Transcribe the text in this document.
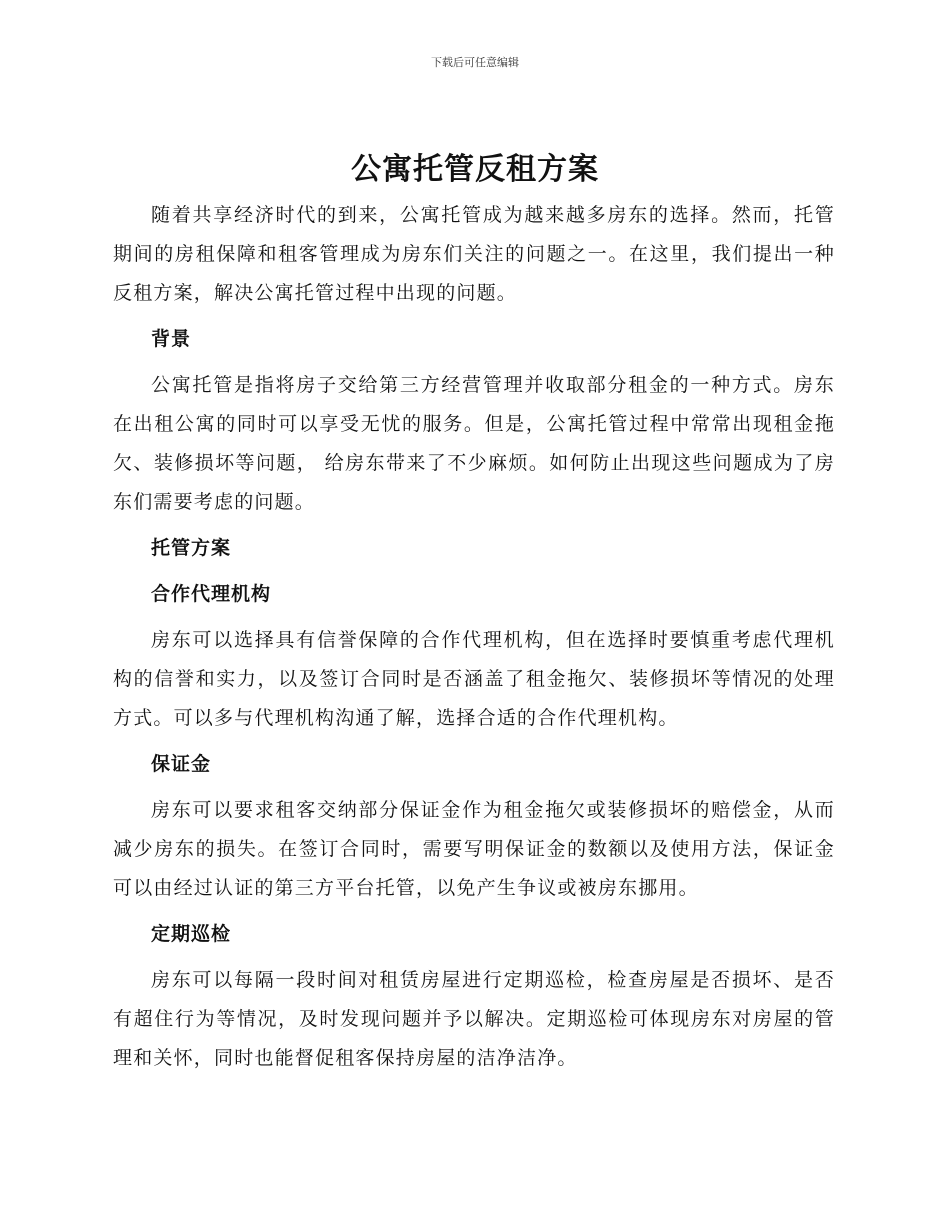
下载后可任意编辑
公寓托管反租方案

随着共享经济时代的到来，公寓托管成为越来越多房东的选择。然而，托管期间的房租保障和租客管理成为房东们关注的问题之一。在这里，我们提出一种反租方案，解决公寓托管过程中出现的问题。

背景

公寓托管是指将房子交给第三方经营管理并收取部分租金的一种方式。房东在出租公寓的同时可以享受无忧的服务。但是，公寓托管过程中常常出现租金拖欠、装修损坏等问题， 给房东带来了不少麻烦。如何防止出现这些问题成为了房东们需要考虑的问题。

托管方案

合作代理机构

房东可以选择具有信誉保障的合作代理机构，但在选择时要慎重考虑代理机构的信誉和实力，以及签订合同时是否涵盖了租金拖欠、装修损坏等情况的处理方式。可以多与代理机构沟通了解，选择合适的合作代理机构。

保证金

房东可以要求租客交纳部分保证金作为租金拖欠或装修损坏的赔偿金，从而减少房东的损失。在签订合同时，需要写明保证金的数额以及使用方法，保证金可以由经过认证的第三方平台托管，以免产生争议或被房东挪用。

定期巡检

房东可以每隔一段时间对租赁房屋进行定期巡检，检查房屋是否损坏、是否有超住行为等情况，及时发现问题并予以解决。定期巡检可体现房东对房屋的管理和关怀，同时也能督促租客保持房屋的洁净洁净。
